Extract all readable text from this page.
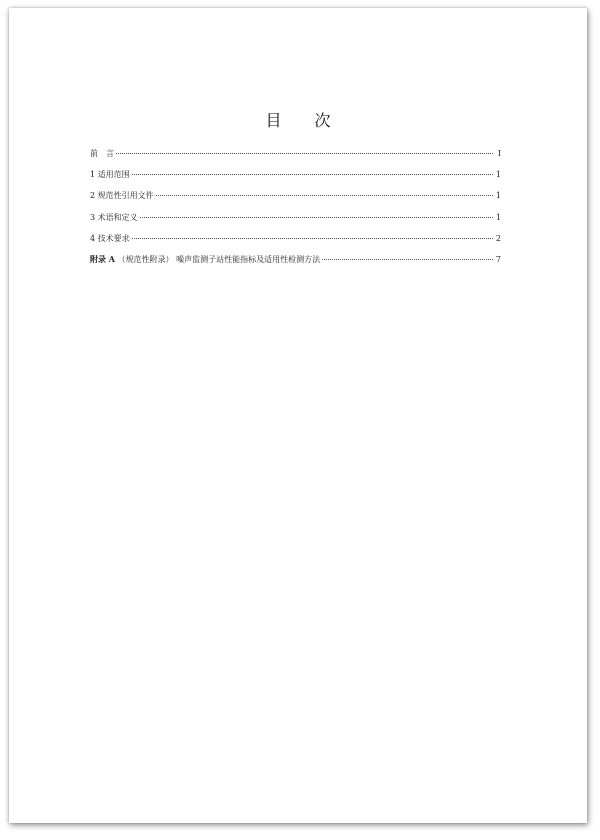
目 次
前　言	I
1 适用范围	1
2 规范性引用文件	1
3 术语和定义	1
4 技术要求	2
附录 A （规范性附录） 噪声监测子站性能指标及适用性检测方法	7
